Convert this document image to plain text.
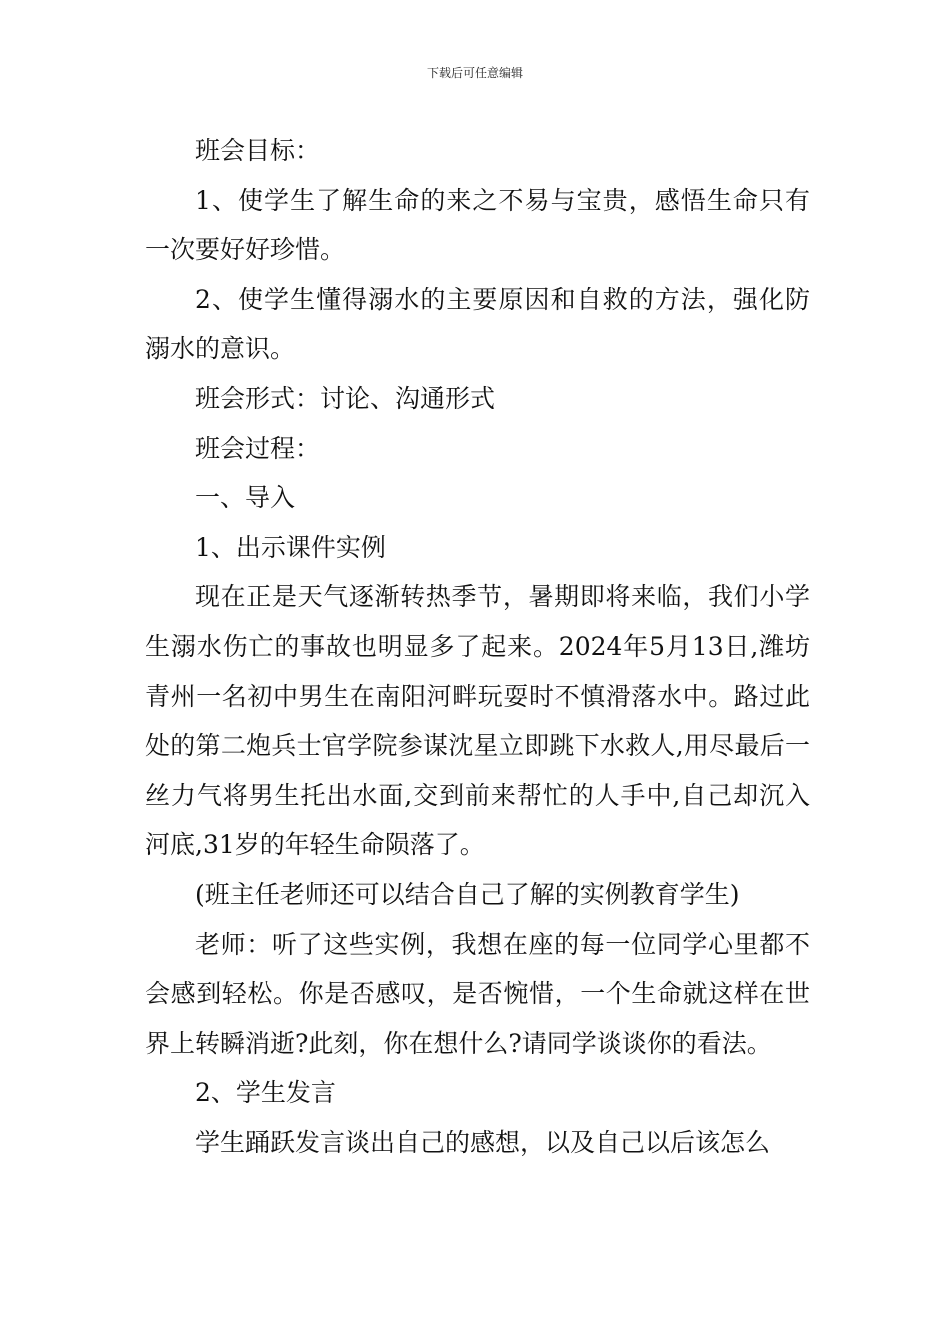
下载后可任意编辑

班会目标：

1、使学生了解生命的来之不易与宝贵，感悟生命只有一次要好好珍惜。

2、使学生懂得溺水的主要原因和自救的方法，强化防溺水的意识。

班会形式：讨论、沟通形式

班会过程：

一、导入

1、出示课件实例

现在正是天气逐渐转热季节，暑期即将来临，我们小学生溺水伤亡的事故也明显多了起来。2024年5月13日,潍坊青州一名初中男生在南阳河畔玩耍时不慎滑落水中。路过此处的第二炮兵士官学院参谋沈星立即跳下水救人,用尽最后一丝力气将男生托出水面,交到前来帮忙的人手中,自己却沉入河底,31岁的年轻生命陨落了。

(班主任老师还可以结合自己了解的实例教育学生)

老师：听了这些实例，我想在座的每一位同学心里都不会感到轻松。你是否感叹，是否惋惜，一个生命就这样在世界上转瞬消逝?此刻，你在想什么?请同学谈谈你的看法。

2、学生发言

学生踊跃发言谈出自己的感想，以及自己以后该怎么
